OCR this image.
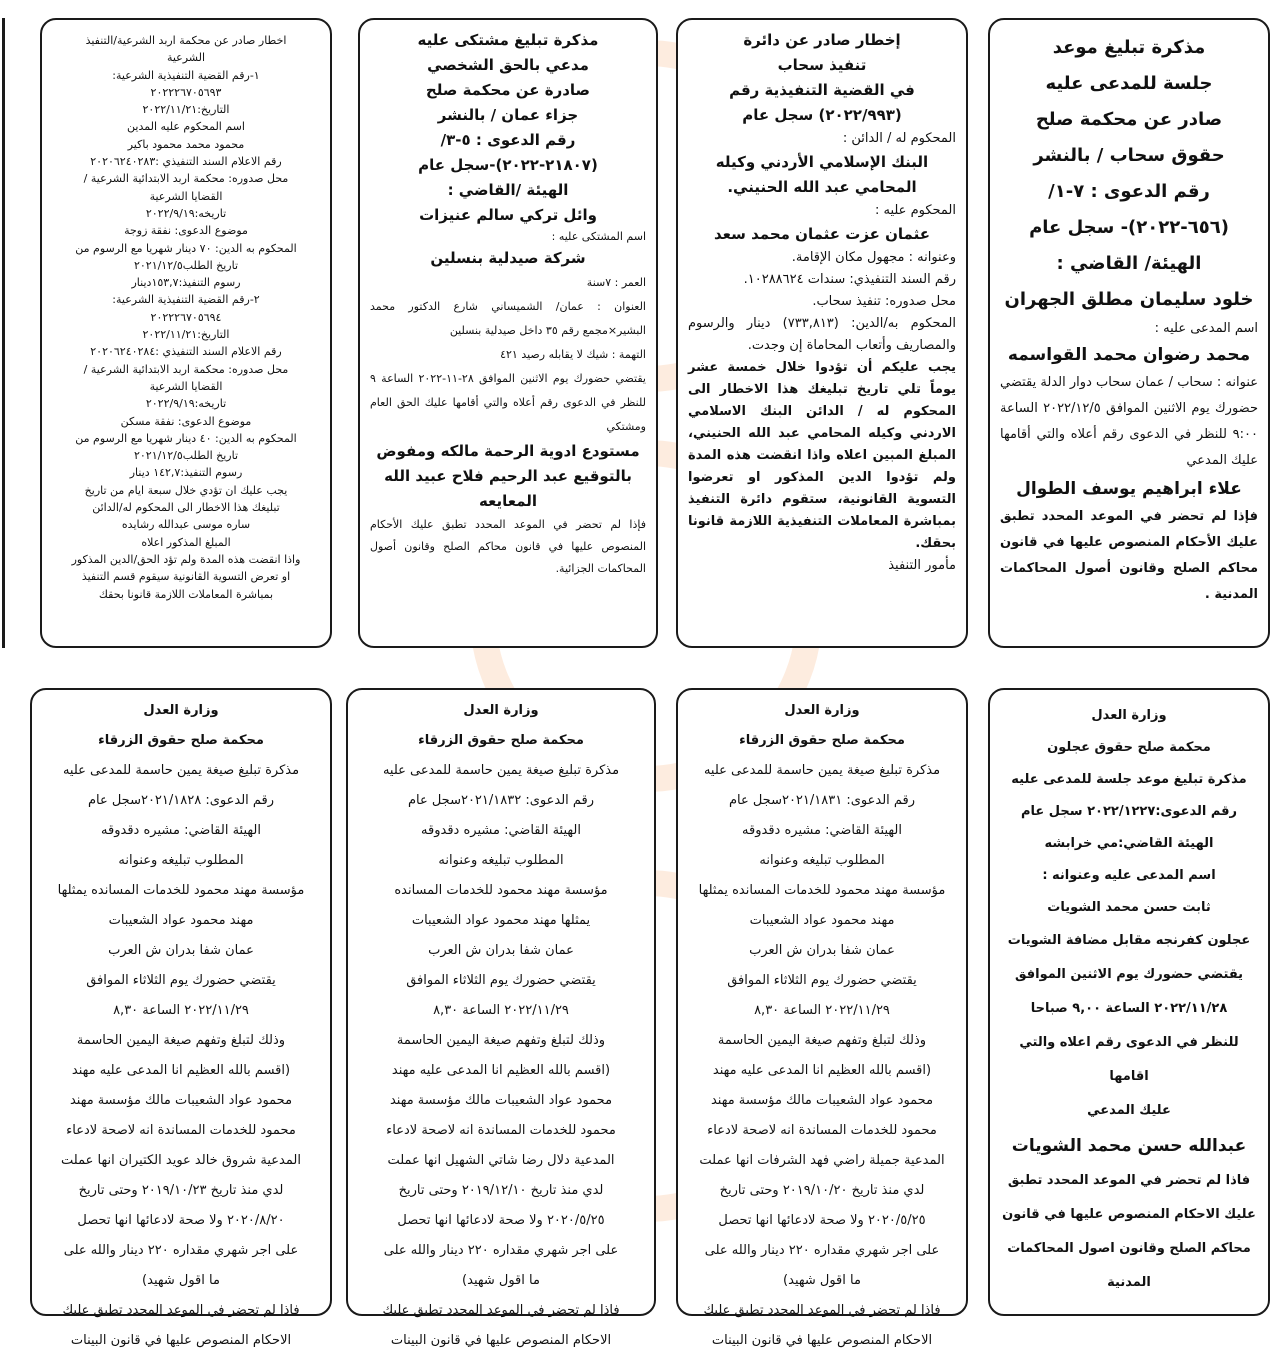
مذكرة تبليغ موعد

جلسة للمدعى عليه

صادر عن محكمة صلح

حقوق سحاب / بالنشر

رقم الدعوى : ٧-١/

(٦٥٦-٢٠٢٢)- سجل عام

الهيئة/ القاضي :

خلود سليمان مطلق الجهران

اسم المدعى عليه :

محمد رضوان محمد القواسمه

عنوانه : سحاب / عمان سحاب دوار الدلة يقتضي حضورك يوم الاثنين الموافق ٢٠٢٢/١٢/٥ الساعة ٩:٠٠ للنظر في الدعوى رقم أعلاه والتي أقامها عليك المدعي

علاء ابراهيم يوسف الطوال

فإذا لم تحضر في الموعد المحدد تطبق عليك الأحكام المنصوص عليها في قانون محاكم الصلح وقانون أصول المحاكمات المدنية .

إخطار صادر عن دائرة

تنفيذ سحاب

في القضية التنفيذية رقم

(٢٠٢٢/٩٩٣) سجل عام

المحكوم له / الدائن :

البنك الإسلامي الأردني وكيله المحامي عبد الله الحنيني.

المحكوم عليه :

عثمان عزت عثمان محمد سعد

وعنوانه : مجهول مكان الإقامة.

رقم السند التنفيذي: سندات ١٠٢٨٨٦٢٤.

محل صدوره: تنفيذ سحاب.

المحكوم به/الدين: (٧٣٣,٨١٣) دينار والرسوم والمصاريف وأتعاب المحاماة إن وجدت.

يجب عليكم أن تؤدوا خلال خمسة عشر يوماً تلي تاريخ تبليغك هذا الاخطار الى المحكوم له / الدائن البنك الاسلامي الاردني وكيله المحامي عبد الله الحنيني، المبلغ المبين اعلاه واذا انقضت هذه المدة ولم تؤدوا الدين المذكور او تعرضوا التسوية القانونية، ستقوم دائرة التنفيذ بمباشرة المعاملات التنفيذية اللازمة قانونا بحقك.

مأمور التنفيذ

مذكرة تبليغ مشتكى عليه

مدعي بالحق الشخصي

صادرة عن محكمة صلح

جزاء عمان / بالنشر

رقم الدعوى : ٥-٣/

(٢١٨٠٧-٢٠٢٢)-سجل عام

الهيئة /القاضي :

وائل تركي سالم عنيزات

اسم المشتكى عليه :

شركة صيدلية بنسلين

العمر : ٧سنة

العنوان : عمان/ الشميساني شارع الدكتور محمد البشير×مجمع رقم ٣٥ داخل صيدلية بنسلين

التهمة : شيك لا يقابله رصيد ٤٢١

يقتضي حضورك يوم الاثنين الموافق ٢٨-١١-٢٠٢٢ الساعة ٩ للنظر في الدعوى رقم أعلاه والتي أقامها عليك الحق العام ومشتكي

مستودع ادوية الرحمة مالكه ومفوض بالتوقيع عبد الرحيم فلاح عبيد الله المعايعه

فإذا لم تحضر في الموعد المحدد تطبق عليك الأحكام المنصوص عليها في قانون محاكم الصلح وقانون أصول المحاكمات الجزائية.

اخطار صادر عن محكمة اربد الشرعية/التنفيذ

الشرعية

١-رقم القضية التنفيذية الشرعية:

٢٠٢٢٢٦٧٠٥٦٩٣

التاريخ:٢٠٢٢/١١/٢١

اسم المحكوم عليه المدين

محمود محمد محمود باكير

رقم الاعلام السند التنفيذي :٢٠٢٠٦٢٤٠٢٨٣

محل صدوره: محكمة اربد الابتدائية الشرعية /

القضايا الشرعية

تاريخه:٢٠٢٢/٩/١٩

موضوع الدعوى: نفقة زوجة

المحكوم به الدين: ٧٠ دينار شهريا مع الرسوم من

تاريخ الطلب٢٠٢١/١٢/٥

رسوم التنفيذ:١٥٣,٧دينار

٢-رقم القضية التنفيذية الشرعية:

٢٠٢٢٢٦٧٠٥٦٩٤

التاريخ:٢٠٢٢/١١/٢١

رقم الاعلام السند التنفيذي :٢٠٢٠٦٢٤٠٢٨٤

محل صدوره: محكمة اربد الابتدائية الشرعية /

القضايا الشرعية

تاريخه:٢٠٢٢/٩/١٩

موضوع الدعوى: نفقة مسكن

المحكوم به الدين: ٤٠ دينار شهريا مع الرسوم من

تاريخ الطلب٢٠٢١/١٢/٥

رسوم التنفيذ:١٤٢,٧ دينار

يجب عليك ان تؤدي خلال سبعة ايام من تاريخ

تبليغك هذا الاخطار الى المحكوم له/الدائن

ساره موسى عبدالله رشايده

المبلغ المذكور اعلاه

واذا انقضت هذه المدة ولم تؤد الحق/الدين المذكور

او تعرض التسوية القانونية سيقوم قسم التنفيذ

بمباشرة المعاملات اللازمة قانونا بحقك

وزارة العدل

محكمة صلح حقوق عجلون

مذكرة تبليغ موعد جلسة للمدعى عليه

رقم الدعوى:٢٠٢٢/١٢٢٧ سجل عام

الهيئة القاضي:مي خرابشه

اسم المدعى عليه وعنوانه :

ثابت حسن محمد الشويات

عجلون كفرنجه مقابل مضافة الشويات

يقتضي حضورك يوم الاثنين الموافق

٢٠٢٢/١١/٢٨ الساعة ٩,٠٠ صباحا

للنظر في الدعوى رقم اعلاه والتي اقامها

عليك المدعي

عبدالله حسن محمد الشويات

فاذا لم تحضر في الموعد المحدد تطبق

عليك الاحكام المنصوص عليها في قانون

محاكم الصلح وقانون اصول المحاكمات

المدنية

وزارة العدل

محكمة صلح حقوق الزرقاء

مذكرة تبليغ صيغة يمين حاسمة للمدعى عليه

رقم الدعوى: ٢٠٢١/١٨٣١سجل عام

الهيئة القاضي: مشيره دقدوقه

المطلوب تبليغه وعنوانه

مؤسسة مهند محمود للخدمات المسانده يمثلها

مهند محمود عواد الشعيبات

عمان شفا بدران ش العرب

يقتضي حضورك يوم الثلاثاء الموافق

٢٠٢٢/١١/٢٩ الساعة ٨,٣٠

وذلك لتبلغ وتفهم صيغة اليمين الحاسمة

(اقسم بالله العظيم انا المدعى عليه مهند

محمود عواد الشعيبات مالك مؤسسة مهند

محمود للخدمات المساندة انه لاصحة لادعاء

المدعية جميلة راضي فهد الشرفات انها عملت

لدي منذ تاريخ ٢٠١٩/١٠/٢٠ وحتى تاريخ

٢٠٢٠/٥/٢٥ ولا صحة لادعائها انها تحصل

على اجر شهري مقداره ٢٢٠ دينار والله على

ما اقول شهيد)

فاذا لم تحضر في الموعد المحدد تطبق عليك

الاحكام المنصوص عليها في قانون البينات

وزارة العدل

محكمة صلح حقوق الزرقاء

مذكرة تبليغ صيغة يمين حاسمة للمدعى عليه

رقم الدعوى: ٢٠٢١/١٨٣٢سجل عام

الهيئة القاضي: مشيره دقدوقه

المطلوب تبليغه وعنوانه

مؤسسة مهند محمود للخدمات المسانده

يمثلها مهند محمود عواد الشعيبات

عمان شفا بدران ش العرب

يقتضي حضورك يوم الثلاثاء الموافق

٢٠٢٢/١١/٢٩ الساعة ٨,٣٠

وذلك لتبلغ وتفهم صيغة اليمين الحاسمة

(اقسم بالله العظيم انا المدعى عليه مهند

محمود عواد الشعيبات مالك مؤسسة مهند

محمود للخدمات المساندة انه لاصحة لادعاء

المدعية دلال رضا شاتي الشهيل انها عملت

لدي منذ تاريخ ٢٠١٩/١٢/١٠ وحتى تاريخ

٢٠٢٠/٥/٢٥ ولا صحة لادعائها انها تحصل

على اجر شهري مقداره ٢٢٠ دينار والله على

ما اقول شهيد)

فاذا لم تحضر في الموعد المحدد تطبق عليك

الاحكام المنصوص عليها في قانون البينات

وزارة العدل

محكمة صلح حقوق الزرقاء

مذكرة تبليغ صيغة يمين حاسمة للمدعى عليه

رقم الدعوى: ٢٠٢١/١٨٢٨سجل عام

الهيئة القاضي: مشيره دقدوقه

المطلوب تبليغه وعنوانه

مؤسسة مهند محمود للخدمات المسانده يمثلها

مهند محمود عواد الشعيبات

عمان شفا بدران ش العرب

يقتضي حضورك يوم الثلاثاء الموافق

٢٠٢٢/١١/٢٩ الساعة ٨,٣٠

وذلك لتبلغ وتفهم صيغة اليمين الحاسمة

(اقسم بالله العظيم انا المدعى عليه مهند

محمود عواد الشعيبات مالك مؤسسة مهند

محمود للخدمات المساندة انه لاصحة لادعاء

المدعية شروق خالد عويد الكتيران انها عملت

لدي منذ تاريخ ٢٠١٩/١٠/٢٣ وحتى تاريخ

٢٠٢٠/٨/٢٠ ولا صحة لادعائها انها تحصل

على اجر شهري مقداره ٢٢٠ دينار والله على

ما اقول شهيد)

فاذا لم تحضر في الموعد المحدد تطبق عليك

الاحكام المنصوص عليها في قانون البينات
